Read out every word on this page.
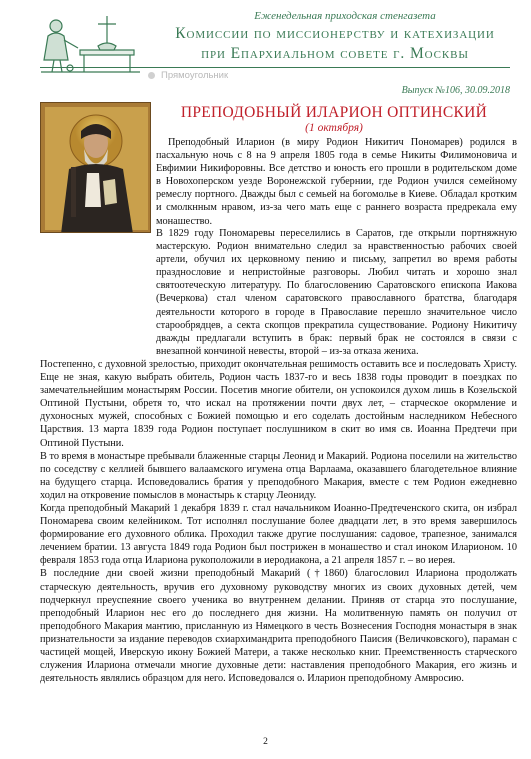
Еженедельная приходская стенгазета
Комиссии по миссионерству и катехизации
при Епархиальном совете г. Москвы
Прямоугольник
Выпуск №106, 30.09.2018
ПРЕПОДОБНЫЙ ИЛАРИОН ОПТИНСКИЙ
(1 октября)

Преподобный Иларион (в миру Родион Никитич Пономарев) родился в пасхальную ночь с 8 на 9 апреля 1805 года в семье Никиты Филимоновича и Евфимии Никифоровны. Все детство и юность его прошли в родительском доме в Новохоперском уезде Воронежской губернии, где Родион учился семейному ремеслу портного. Дважды был с семьей на богомолье в Киеве. Обладал кротким и смолкнным нравом, из-за чего мать еще с раннего возраста предрекала ему монашество.

В 1829 году Пономаревы переселились в Саратов, где открыли портняжную мастерскую. Родион внимательно следил за нравственностью рабочих своей артели, обучил их церковному пению и письму, запретил во время работы празднословие и непристойные разговоры. Любил читать и хорошо знал святоотеческую литературу. По благословению Саратовского епископа Иакова (Вечеркова) стал членом саратовского православного братства, благодаря деятельности которого в городе в Православие перешло значительное число старообрядцев, а секта скопцов прекратила существование. Родиону Никитичу дважды предлагали вступить в брак: первый брак не состоялся в связи с внезапной кончиной невесты, второй – из-за отказа жениха.

Постепенно, с духовной зрелостью, приходит окончательная решимость оставить все и последовать Христу. Еще не зная, какую выбрать обитель, Родион часть 1837-го и весь 1838 годы проводит в поездках по замечательнейшим монастырям России. Посетив многие обители, он успокоился духом лишь в Козельской Оптиной Пустыни, обретя то, что искал на протяжении почти двух лет, – старческое окормление и духоносных мужей, способных с Божией помощью и его соделать достойным наследником Небесного Царствия. 13 марта 1839 года Родион поступает послушником в скит во имя св. Иоанна Предтечи при Оптиной Пустыни.

В то время в монастыре пребывали блаженные старцы Леонид и Макарий. Родиона поселили на жительство по соседству с келлией бывшего валаамского игумена отца Варлаама, оказавшего благодетельное влияние на будущего старца. Исповедовались братия у преподобного Макария, вместе с тем Родион ежедневно ходил на откровение помыслов в монастырь к старцу Леониду.

Когда преподобный Макарий 1 декабря 1839 г. стал начальником Иоанно-Предтеченского скита, он избрал Пономарева своим келейником. Тот исполнял послушание более двадцати лет, в это время завершилось формирование его духовного облика. Проходил также другие послушания: садовое, трапезное, занимался лечением братии. 13 августа 1849 года Родион был пострижен в монашество и стал иноком Иларионом. 10 февраля 1853 года отца Илариона рукоположили в иеродиакона, а 21 апреля 1857 г. – во иерея.

В последние дни своей жизни преподобный Макарий (†1860) благословил Илариона продолжать старческую деятельность, вручив его духовному руководству многих из своих духовных детей, чем подчеркнул преуспеяние своего ученика во внутреннем делании. Приняв от старца это послушание, преподобный Иларион нес его до последнего дня жизни. На молитвенную память он получил от преподобного Макария мантию, присланную из Нямецкого в честь Вознесения Господня монастыря в знак признательности за издание переводов схиархимандрита преподобного Паисия (Величковского), параман с частицей мощей, Иверскую икону Божией Матери, а также несколько книг. Преемственность старческого служения Илариона отмечали многие духовные дети: наставления преподобного Макария, его жизнь и деятельность являлись образцом для него. Исповедовался о. Иларион преподобному Амвросию.

2
